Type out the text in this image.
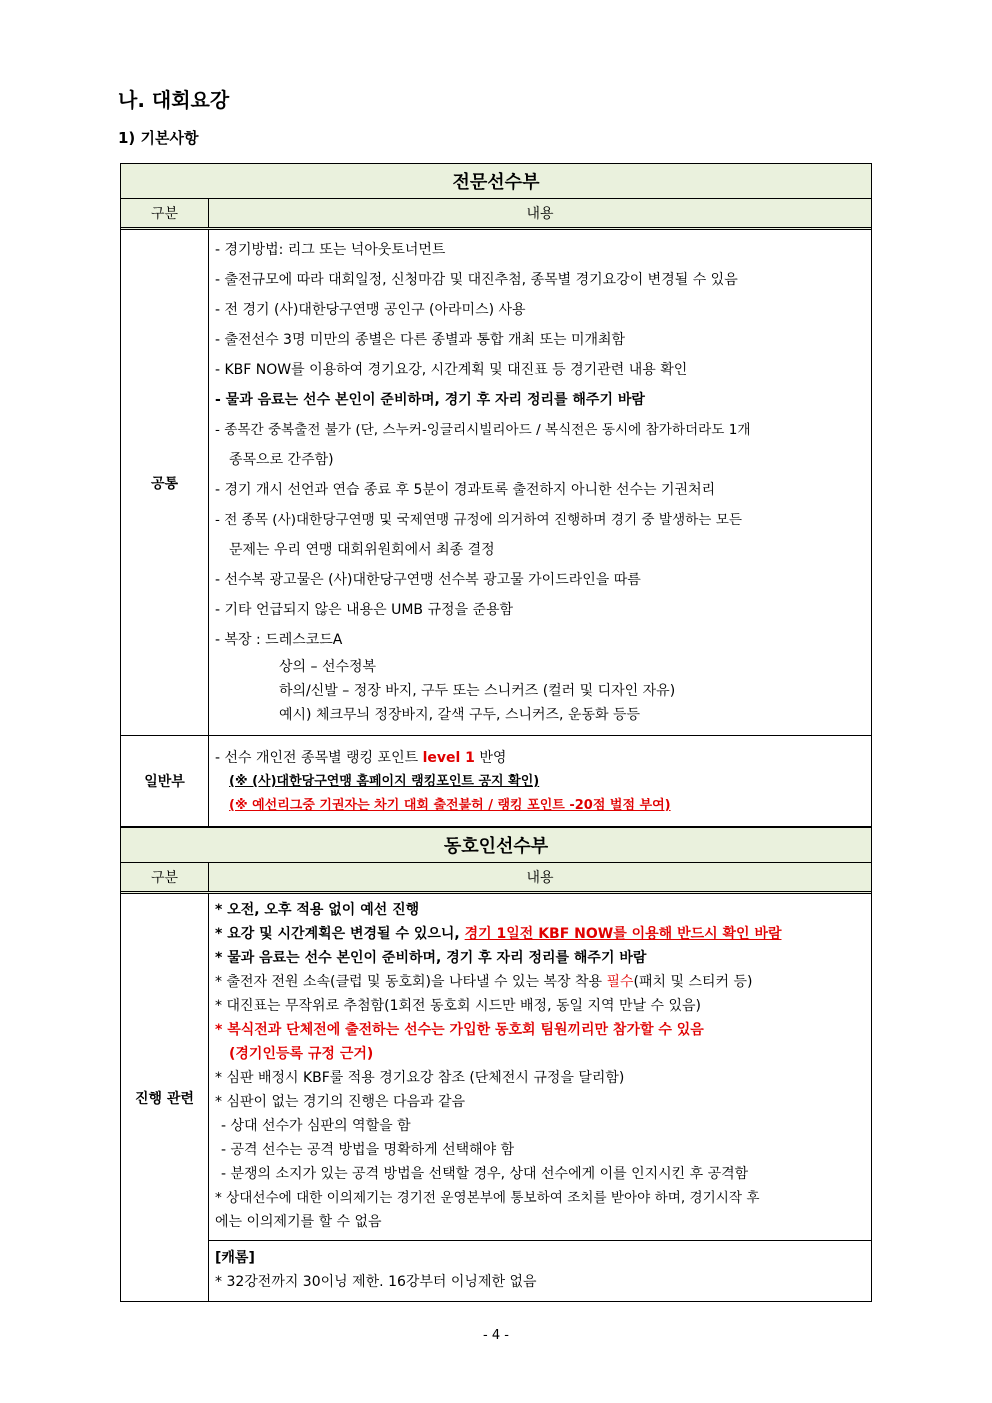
나. 대회요강
1) 기본사항
전문선수부
구분	내용
공통
- 경기방법: 리그 또는 넉아웃토너먼트
- 출전규모에 따라 대회일정, 신청마감 및 대진추첨, 종목별 경기요강이 변경될 수 있음
- 전 경기 (사)대한당구연맹 공인구 (아라미스) 사용
- 출전선수 3명 미만의 종별은 다른 종별과 통합 개최 또는 미개최함
- KBF NOW를 이용하여 경기요강, 시간계획 및 대진표 등 경기관련 내용 확인
- 물과 음료는 선수 본인이 준비하며, 경기 후 자리 정리를 해주기 바람
- 종목간 중복출전 불가 (단, 스누커-잉글리시빌리아드 / 복식전은 동시에 참가하더라도 1개
종목으로 간주함)
- 경기 개시 선언과 연습 종료 후 5분이 경과토록 출전하지 아니한 선수는 기권처리
- 전 종목 (사)대한당구연맹 및 국제연맹 규정에 의거하여 진행하며 경기 중 발생하는 모든
문제는 우리 연맹 대회위원회에서 최종 결정
- 선수복 광고물은 (사)대한당구연맹 선수복 광고물 가이드라인을 따름
- 기타 언급되지 않은 내용은 UMB 규정을 준용함
- 복장 : 드레스코드A
상의 – 선수정복
하의/신발 – 정장 바지, 구두 또는 스니커즈 (컬러 및 디자인 자유)
예시) 체크무늬 정장바지, 갈색 구두, 스니커즈, 운동화 등등
일반부
- 선수 개인전 종목별 랭킹 포인트 level 1 반영
(※ (사)대한당구연맹 홈페이지 랭킹포인트 공지 확인)
(※ 예선리그중 기권자는 차기 대회 출전불허 / 랭킹 포인트 -20점 벌점 부여)
동호인선수부
구분	내용
진행 관련
* 오전, 오후 적용 없이 예선 진행
* 요강 및 시간계획은 변경될 수 있으니, 경기 1일전 KBF NOW를 이용해 반드시 확인 바람
* 물과 음료는 선수 본인이 준비하며, 경기 후 자리 정리를 해주기 바람
* 출전자 전원 소속(클럽 및 동호회)을 나타낼 수 있는 복장 착용 필수(패치 및 스티커 등)
* 대진표는 무작위로 추첨함(1회전 동호회 시드만 배정, 동일 지역 만날 수 있음)
* 복식전과 단체전에 출전하는 선수는 가입한 동호회 팀원끼리만 참가할 수 있음
(경기인등록 규정 근거)
* 심판 배정시 KBF룰 적용 경기요강 참조 (단체전시 규정을 달리함)
* 심판이 없는 경기의 진행은 다음과 같음
- 상대 선수가 심판의 역할을 함
- 공격 선수는 공격 방법을 명확하게 선택해야 함
- 분쟁의 소지가 있는 공격 방법을 선택할 경우, 상대 선수에게 이를 인지시킨 후 공격함
* 상대선수에 대한 이의제기는 경기전 운영본부에 통보하여 조치를 받아야 하며, 경기시작 후
에는 이의제기를 할 수 없음
[캐롬]
* 32강전까지 30이닝 제한. 16강부터 이닝제한 없음
- 4 -
